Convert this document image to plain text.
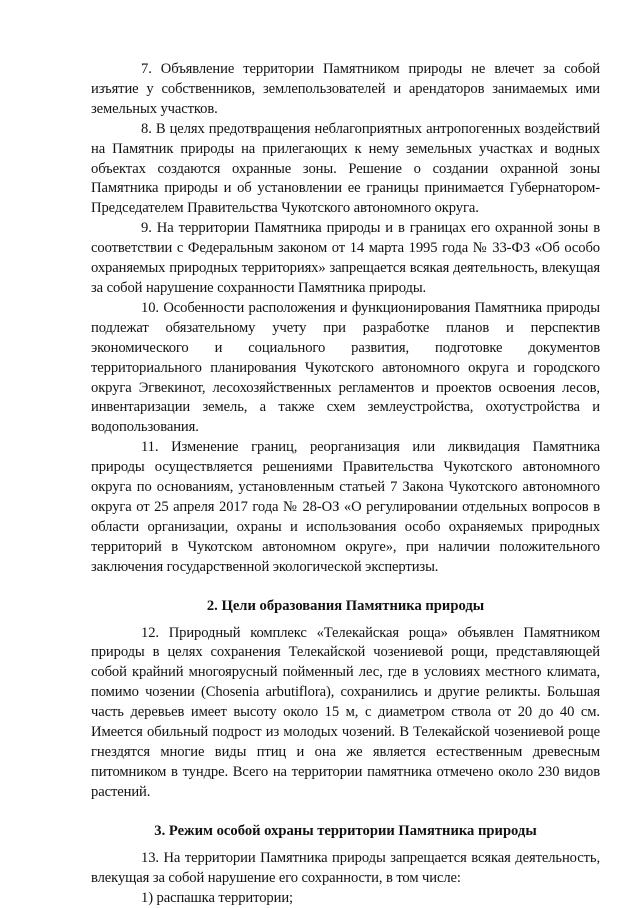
7. Объявление территории Памятником природы не влечет за собой изъятие у собственников, землепользователей и арендаторов занимаемых ими земельных участков.

8. В целях предотвращения неблагоприятных антропогенных воздействий на Памятник природы на прилегающих к нему земельных участках и водных объектах создаются охранные зоны. Решение о создании охранной зоны Памятника природы и об установлении ее границы принимается Губернатором-Председателем Правительства Чукотского автономного округа.

9. На территории Памятника природы и в границах его охранной зоны в соответствии с Федеральным законом от 14 марта 1995 года № 33-ФЗ «Об особо охраняемых природных территориях» запрещается всякая деятельность, влекущая за собой нарушение сохранности Памятника природы.

10. Особенности расположения и функционирования Памятника природы подлежат обязательному учету при разработке планов и перспектив экономического и социального развития, подготовке документов территориального планирования Чукотского автономного округа и городского округа Эгвекинот, лесохозяйственных регламентов и проектов освоения лесов, инвентаризации земель, а также схем землеустройства, охотустройства и водопользования.

11. Изменение границ, реорганизация или ликвидация Памятника природы осуществляется решениями Правительства Чукотского автономного округа по основаниям, установленным статьей 7 Закона Чукотского автономного округа от 25 апреля 2017 года № 28-ОЗ «О регулировании отдельных вопросов в области организации, охраны и использования особо охраняемых природных территорий в Чукотском автономном округе», при наличии положительного заключения государственной экологической экспертизы.

2. Цели образования Памятника природы

12. Природный комплекс «Телекайская роща» объявлен Памятником природы в целях сохранения Телекайской чозениевой рощи, представляющей собой крайний многоярусный пойменный лес, где в условиях местного климата, помимо чозении (Chosenia arbutiflora), сохранились и другие реликты. Большая часть деревьев имеет высоту около 15 м, с диаметром ствола от 20 до 40 см. Имеется обильный подрост из молодых чозений. В Телекайской чозениевой роще гнездятся многие виды птиц и она же является естественным древесным питомником в тундре. Всего на территории памятника отмечено около 230 видов растений.

3. Режим особой охраны территории Памятника природы

13. На территории Памятника природы запрещается всякая деятельность, влекущая за собой нарушение его сохранности, в том числе:

1) распашка территории;
